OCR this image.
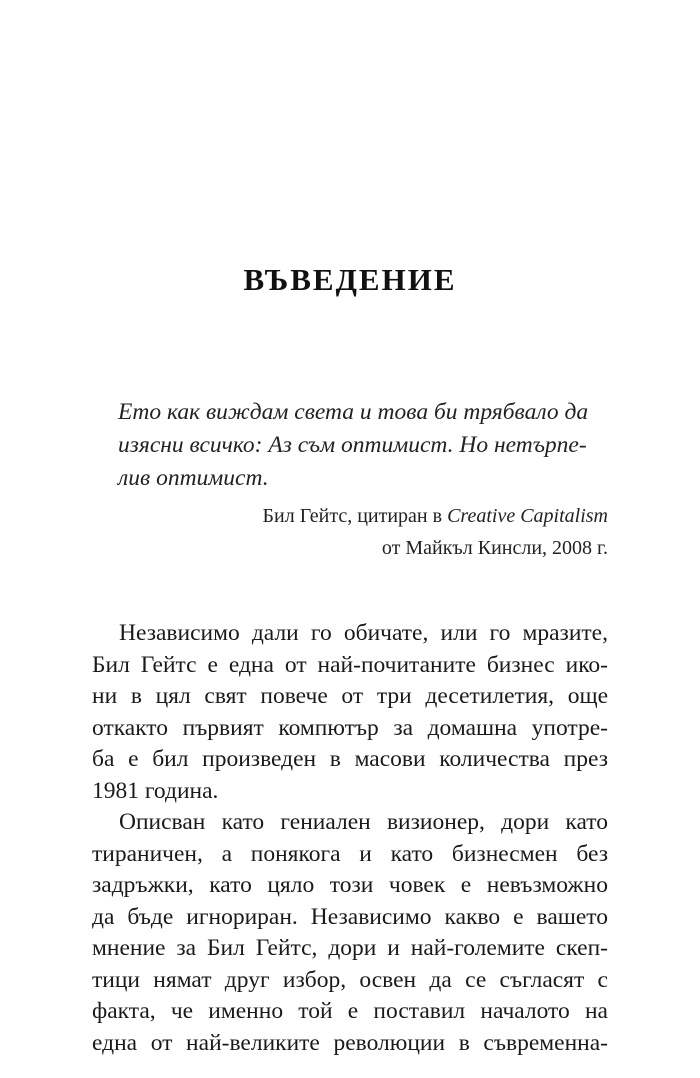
ВЪВЕДЕНИЕ
Ето как виждам света и това би трябвало да
изясни всичко: Аз съм оптимист. Но нетърпе-
лив оптимист.
Бил Гейтс, цитиран в Creative Capitalism
от Майкъл Кинсли, 2008 г.

Независимо дали го обичате, или го мразите,
Бил Гейтс е една от най-почитаните бизнес ико-
ни в цял свят повече от три десетилетия, още
откакто първият компютър за домашна употре-
ба е бил произведен в масови количества през
1981 година.

Описван като гениален визионер, дори като
тираничен, а понякога и като бизнесмен без
задръжки, като цяло този човек е невъзможно
да бъде игнориран. Независимо какво е вашето
мнение за Бил Гейтс, дори и най-големите скеп-
тици нямат друг избор, освен да се съгласят с
факта, че именно той е поставил началото на
една от най-великите революции в съвременна-
